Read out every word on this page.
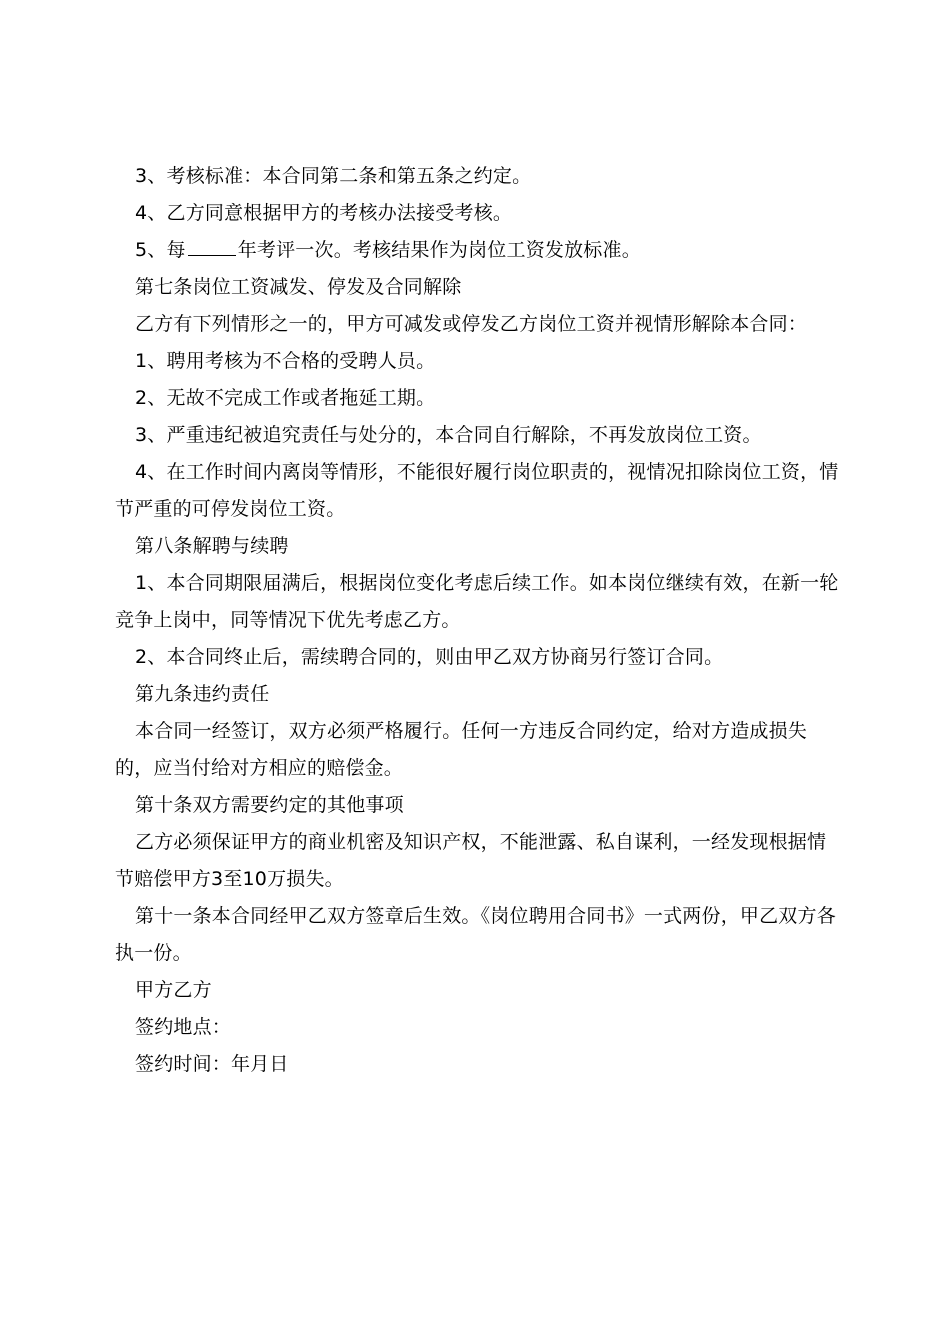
3、考核标准：本合同第二条和第五条之约定。

4、乙方同意根据甲方的考核办法接受考核。

5、每	年考评一次。考核结果作为岗位工资发放标准。

第七条岗位工资减发、停发及合同解除

乙方有下列情形之一的，甲方可减发或停发乙方岗位工资并视情形解除本合同：

1、聘用考核为不合格的受聘人员。

2、无故不完成工作或者拖延工期。

3、严重违纪被追究责任与处分的，本合同自行解除，不再发放岗位工资。

4、在工作时间内离岗等情形，不能很好履行岗位职责的，视情况扣除岗位工资，情节严重的可停发岗位工资。

第八条解聘与续聘

1、本合同期限届满后，根据岗位变化考虑后续工作。如本岗位继续有效，在新一轮竞争上岗中，同等情况下优先考虑乙方。

2、本合同终止后，需续聘合同的，则由甲乙双方协商另行签订合同。

第九条违约责任

本合同一经签订，双方必须严格履行。任何一方违反合同约定，给对方造成损失的，应当付给对方相应的赔偿金。

第十条双方需要约定的其他事项

乙方必须保证甲方的商业机密及知识产权，不能泄露、私自谋利，一经发现根据情节赔偿甲方3至10万损失。

第十一条本合同经甲乙双方签章后生效。《岗位聘用合同书》一式两份，甲乙双方各执一份。

甲方乙方

签约地点：

签约时间：年月日
